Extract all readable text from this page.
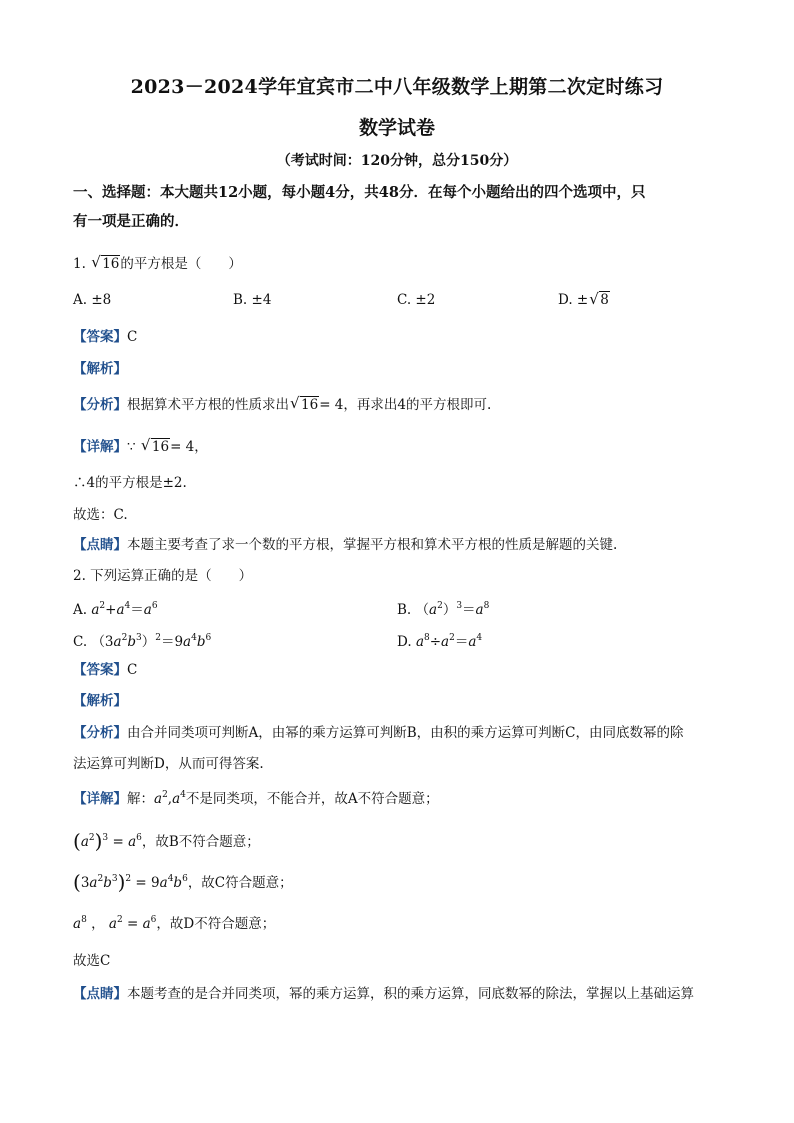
2023－2024学年宜宾市二中八年级数学上期第二次定时练习
数学试卷
（考试时间：120分钟，总分150分）
一、选择题：本大题共12小题，每小题4分，共48分．在每个小题给出的四个选项中，只
有一项是正确的．
1. √ 16的平方根是（　　）
A. ±8	B. ±4	C. ±2	D. ± √ 8
【答案】C
【解析】
【分析】根据算术平方根的性质求出 √ 16= 4，再求出4的平方根即可.
【详解】∵ √ 16= 4，
∴4的平方根是±2.
故选：C.
【点睛】本题主要考查了求一个数的平方根，掌握平方根和算术平方根的性质是解题的关键.
2. 下列运算正确的是（　　）
A. $a^2+a^4=a^6$	B. $(a^2)^3=a^8$
C. $(3a^2b^3)^2=9a^4b^6$	D. $a^8\div a^2=a^4$
【答案】C
【解析】
【分析】由合并同类项可判断A，由幂的乘方运算可判断B，由积的乘方运算可判断C，由同底数幂的除
法运算可判断D，从而可得答案.
【详解】解：$a^2,a^4$不是同类项，不能合并，故A不符合题意；
$(a^2)^3 = a^6$，故B不符合题意；
$(3a^2b^3)^2 = 9a^4b^6$，故C符合题意；
$a^8$ ， $a^2 = a^6$，故D不符合题意；
故选C
【点睛】本题考查的是合并同类项，幂的乘方运算，积的乘方运算，同底数幂的除法，掌握以上基础运算
